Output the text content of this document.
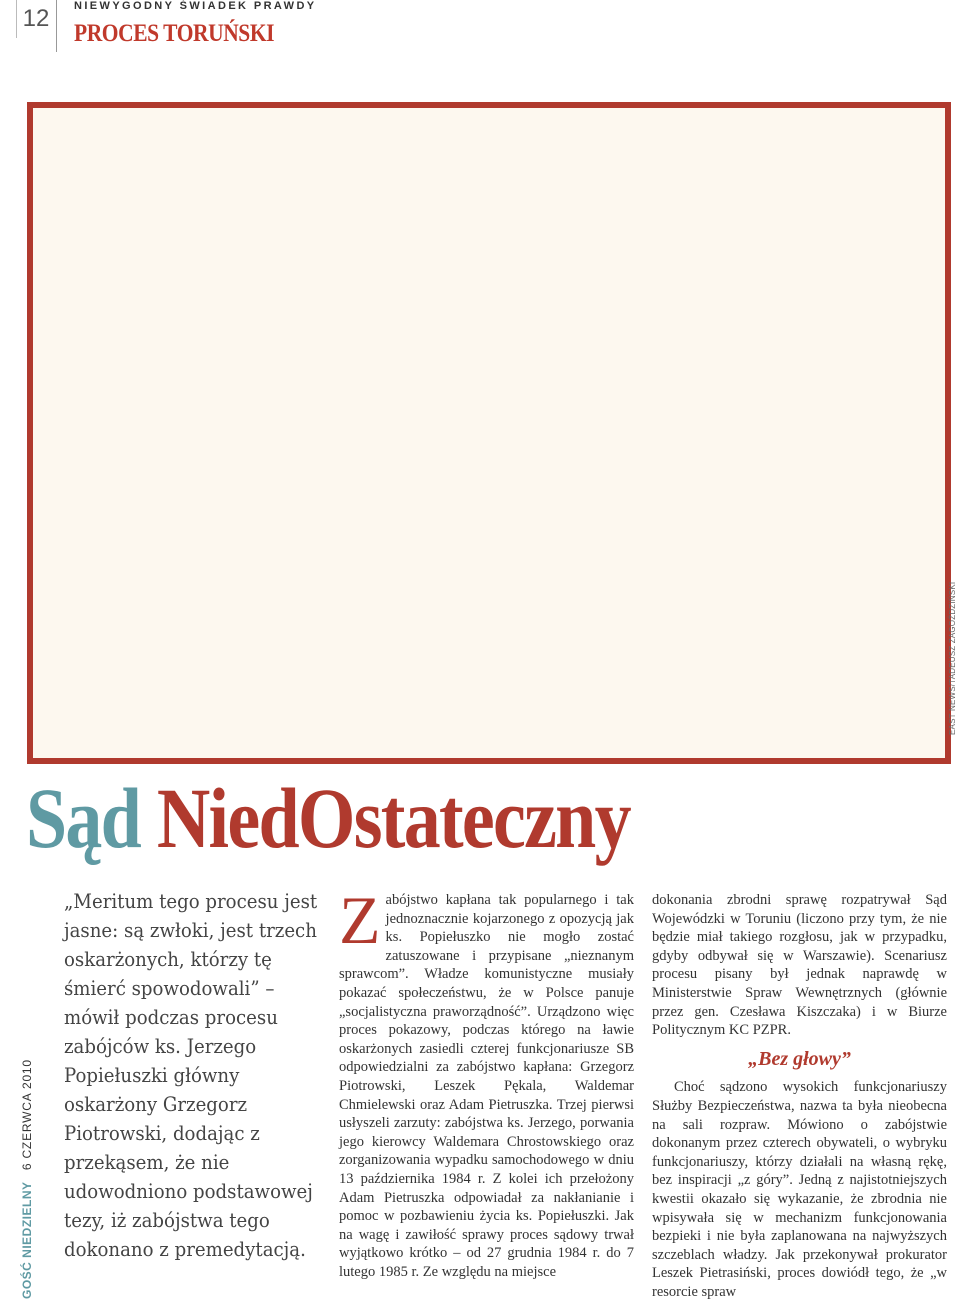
12	NIEWYGODNY ŚWIADEK PRAWDY
PROCES TORUŃSKI
EAST NEWS/TADEUSZ ZAGOŹDZIŃSKI
Sąd NiedOstateczny
GOŚĆ NIEDZIELNY 6 CZERWCA 2010

„Meritum tego procesu jest jasne: są zwłoki, jest trzech oskarżonych, którzy tę śmierć spowodowali” – mówił podczas procesu zabójców ks. Jerzego Popiełuszki główny oskarżony Grzegorz Piotrowski, dodając z przekąsem, że nie udowodniono podstawowej tezy, iż zabójstwa tego dokonano z premedytacją.

Zabójstwo kapłana tak popularnego i tak jednoznacznie kojarzonego z opozycją jak ks. Popiełuszko nie mogło zostać zatuszowane i przypisane „nieznanym sprawcom”. Władze komunistyczne musiały pokazać społeczeństwu, że w Polsce panuje „socjalistyczna praworządność”. Urządzono więc proces pokazowy, podczas którego na ławie oskarżonych zasiedli czterej funkcjonariusze SB odpowiedzialni za zabójstwo kapłana: Grzegorz Piotrowski, Leszek Pękala, Waldemar Chmielewski oraz Adam Pietruszka. Trzej pierwsi usłyszeli zarzuty: zabójstwa ks. Jerzego, porwania jego kierowcy Waldemara Chrostowskiego oraz zorganizowania wypadku samochodowego w dniu 13 października 1984 r. Z kolei ich przełożony Adam Pietruszka odpowiadał za nakłanianie i pomoc w pozbawieniu życia ks. Popiełuszki. Jak na wagę i zawiłość sprawy proces sądowy trwał wyjątkowo krótko – od 27 grudnia 1984 r. do 7 lutego 1985 r. Ze względu na miejsce

dokonania zbrodni sprawę rozpatrywał Sąd Wojewódzki w Toruniu (liczono przy tym, że nie będzie miał takiego rozgłosu, jak w przypadku, gdyby odbywał się w Warszawie). Scenariusz procesu pisany był jednak naprawdę w Ministerstwie Spraw Wewnętrznych (głównie przez gen. Czesława Kiszczaka) i w Biurze Politycznym KC PZPR.

„Bez głowy”

Choć sądzono wysokich funkcjonariuszy Służby Bezpieczeństwa, nazwa ta była nieobecna na sali rozpraw. Mówiono o zabójstwie dokonanym przez czterech obywateli, o wybryku funkcjonariuszy, którzy działali na własną rękę, bez inspiracji „z góry”. Jedną z najistotniejszych kwestii okazało się wykazanie, że zbrodnia nie wpisywała się w mechanizm funkcjonowania bezpieki i nie była zaplanowana na najwyższych szczeblach władzy. Jak przekonywał prokurator Leszek Pietrasiński, proces dowiódł tego, że „w resorcie spraw
